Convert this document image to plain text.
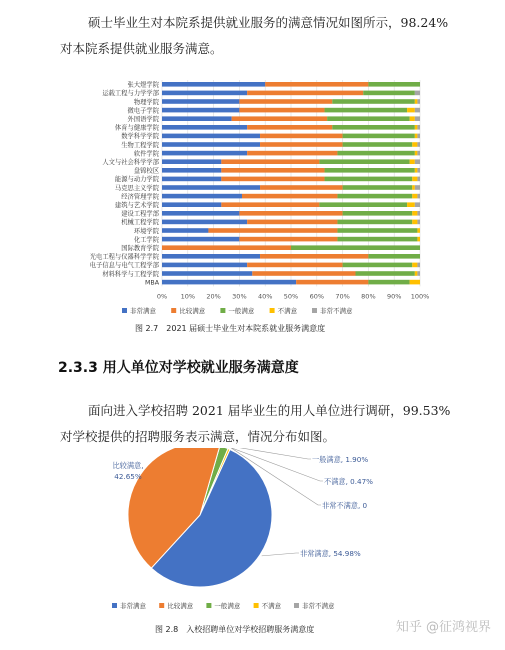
硕士毕业生对本院系提供就业服务的满意情况如图所示，98.24%
对本院系提供就业服务满意。
0% 10% 20% 30% 40% 50% 60% 70% 80% 90% 100%
张大煜学院
运载工程与力学学部
物理学院
微电子学院
外国语学院
体育与健康学院
数学科学学院
生物工程学院
软件学院
人文与社会科学学部
盘锦校区
能源与动力学院
马克思主义学院
经济管理学院
建筑与艺术学院
建设工程学部
机械工程学院
环境学院
化工学院
国际教育学院
光电工程与仪器科学学院
电子信息与电气工程学部
材料科学与工程学院
MBA
非常满意	比较满意	一般满意	不满意	非常不满意
图 2.7　2021 届硕士毕业生对本院系就业服务满意度
2.3.3 用人单位对学校就业服务满意度
面向进入学校招聘 2021 届毕业生的用人单位进行调研，99.53%
对学校提供的招聘服务表示满意，情况分布如图。
一般满意, 1.90%
不满意, 0.47%
非常不满意, 0
非常满意, 54.98%
比较满意,
42.65%
非常满意	比较满意	一般满意	不满意	非常不满意
图 2.8　入校招聘单位对学校招聘服务满意度	知乎 @征鸿视界
